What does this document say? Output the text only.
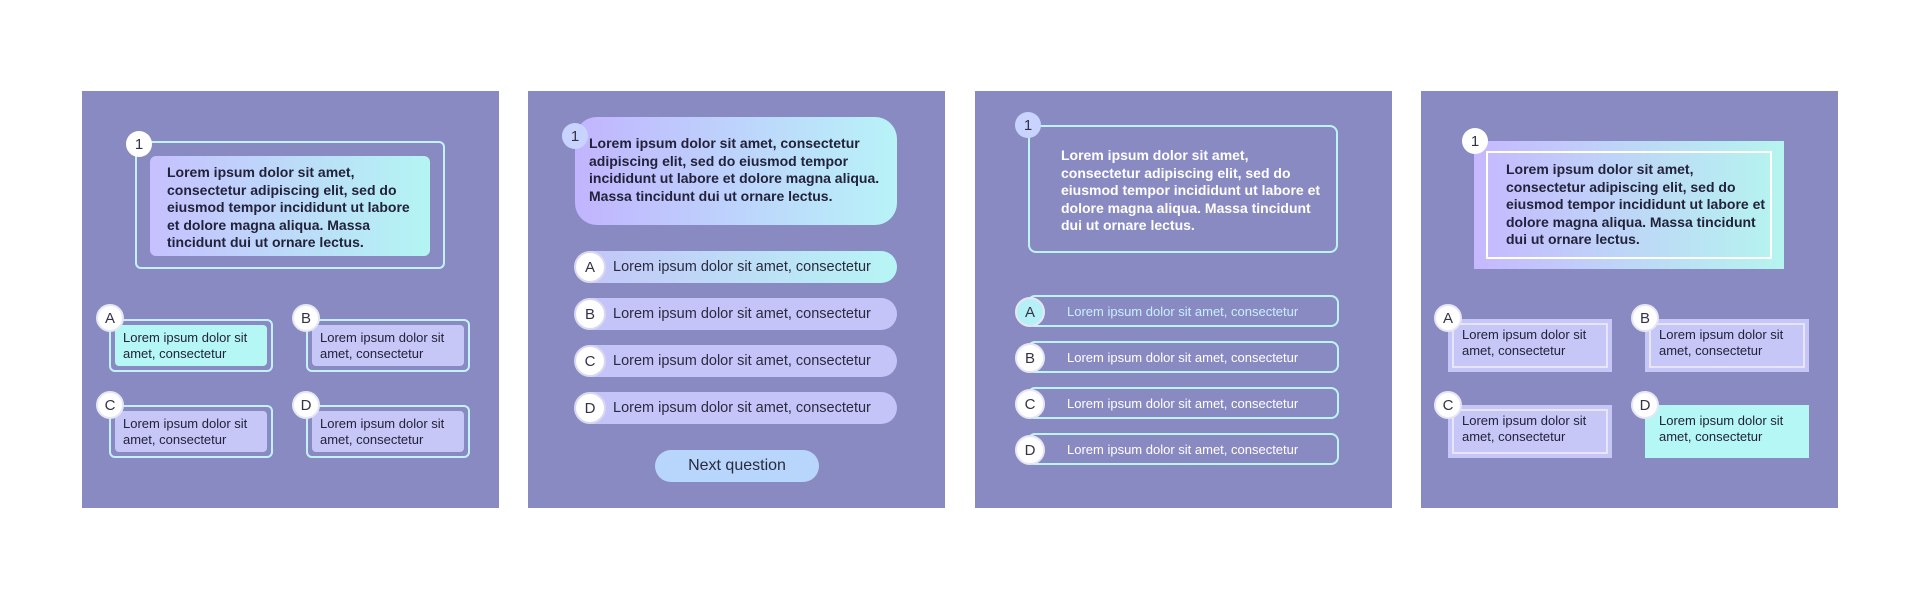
Lorem ipsum dolor sit amet, consectetur adipiscing elit, sed do eiusmod tempor incididunt ut labore et dolore magna aliqua. Massa tincidunt dui ut ornare lectus.
1
Lorem ipsum dolor sit amet, consectetur
A
Lorem ipsum dolor sit amet, consectetur
B
Lorem ipsum dolor sit amet, consectetur
C
Lorem ipsum dolor sit amet, consectetur
D
Lorem ipsum dolor sit amet, consectetur adipiscing elit, sed do eiusmod tempor incididunt ut labore et dolore magna aliqua. Massa tincidunt dui ut ornare lectus.
1
A	Lorem ipsum dolor sit amet, consectetur
B	Lorem ipsum dolor sit amet, consectetur
C	Lorem ipsum dolor sit amet, consectetur
D	Lorem ipsum dolor sit amet, consectetur
Next question
Lorem ipsum dolor sit amet, consectetur adipiscing elit, sed do eiusmod tempor incididunt ut labore et dolore magna aliqua. Massa tincidunt dui ut ornare lectus.
1
A	Lorem ipsum dolor sit amet, consectetur
B	Lorem ipsum dolor sit amet, consectetur
C	Lorem ipsum dolor sit amet, consectetur
D	Lorem ipsum dolor sit amet, consectetur
Lorem ipsum dolor sit amet, consectetur adipiscing elit, sed do eiusmod tempor incididunt ut labore et dolore magna aliqua. Massa tincidunt dui ut ornare lectus.
1
Lorem ipsum dolor sit amet, consectetur
A
Lorem ipsum dolor sit amet, consectetur
B
Lorem ipsum dolor sit amet, consectetur
C
Lorem ipsum dolor sit amet, consectetur
D
